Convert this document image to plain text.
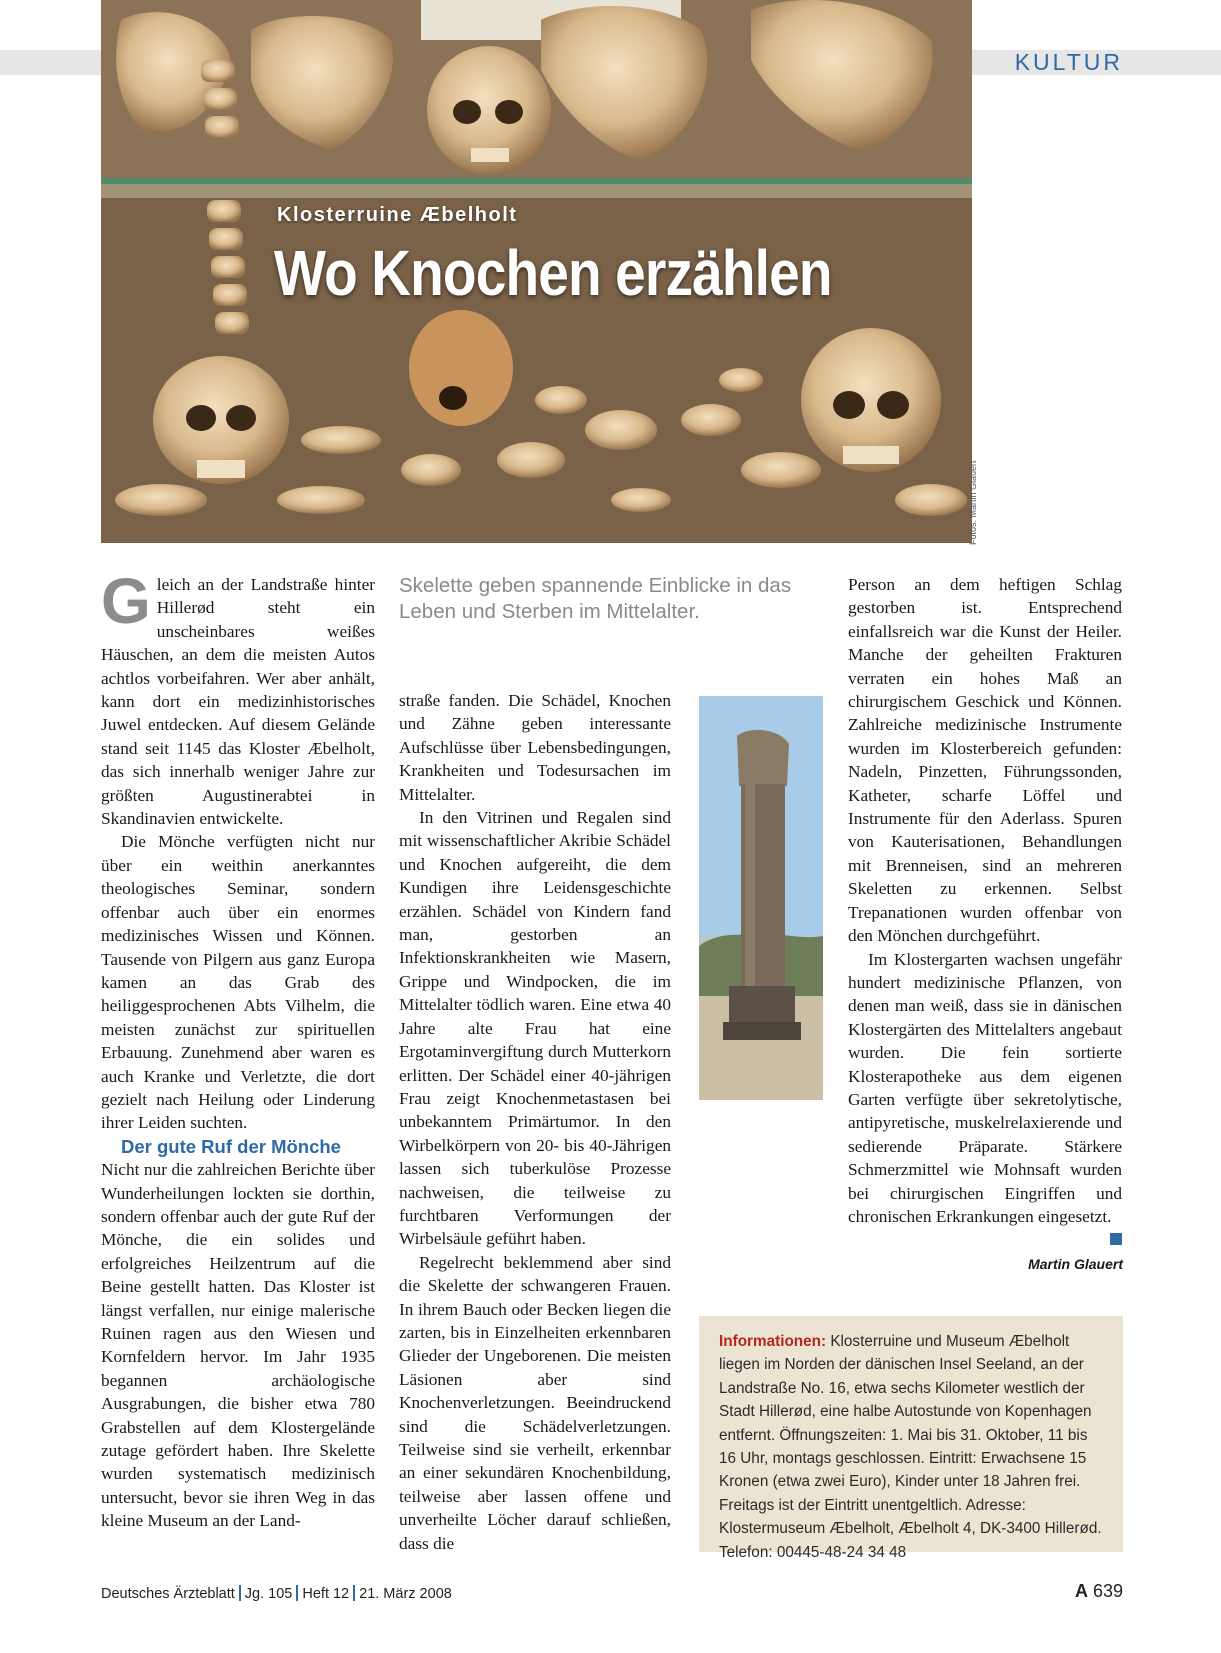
KULTUR
Klosterruine Æbelholt
Wo Knochen erzählen
Fotos: Martin Glauert

Gleich an der Landstraße hinter Hillerød steht ein unscheinbares weißes Häuschen, an dem die meisten Autos achtlos vorbeifahren. Wer aber anhält, kann dort ein medizinhistorisches Juwel entdecken. Auf diesem Gelände stand seit 1145 das Kloster Æbelholt, das sich innerhalb weniger Jahre zur größten Augustinerabtei in Skandinavien entwickelte.

Die Mönche verfügten nicht nur über ein weithin anerkanntes theologisches Seminar, sondern offenbar auch über ein enormes medizinisches Wissen und Können. Tausende von Pilgern aus ganz Europa kamen an das Grab des heiliggesprochenen Abts Vilhelm, die meisten zunächst zur spirituellen Erbauung. Zunehmend aber waren es auch Kranke und Verletzte, die dort gezielt nach Heilung oder Linderung ihrer Leiden suchten.

Der gute Ruf der Mönche

Nicht nur die zahlreichen Berichte über Wunderheilungen lockten sie dorthin, sondern offenbar auch der gute Ruf der Mönche, die ein solides und erfolgreiches Heilzentrum auf die Beine gestellt hatten. Das Kloster ist längst verfallen, nur einige malerische Ruinen ragen aus den Wiesen und Kornfeldern hervor. Im Jahr 1935 begannen archäologische Ausgrabungen, die bisher etwa 780 Grabstellen auf dem Klostergelände zutage gefördert haben. Ihre Skelette wurden systematisch medizinisch untersucht, bevor sie ihren Weg in das kleine Museum an der Land-

Skelette geben spannende Einblicke in das Leben und Sterben im Mittelalter.

straße fanden. Die Schädel, Knochen und Zähne geben interessante Aufschlüsse über Lebensbedingungen, Krankheiten und Todesursachen im Mittelalter.

In den Vitrinen und Regalen sind mit wissenschaftlicher Akribie Schädel und Knochen aufgereiht, die dem Kundigen ihre Leidensgeschichte erzählen. Schädel von Kindern fand man, gestorben an Infektionskrankheiten wie Masern, Grippe und Windpocken, die im Mittelalter tödlich waren. Eine etwa 40 Jahre alte Frau hat eine Ergotaminvergiftung durch Mutterkorn erlitten. Der Schädel einer 40-jährigen Frau zeigt Knochenmetastasen bei unbekanntem Primärtumor. In den Wirbelkörpern von 20- bis 40-Jährigen lassen sich tuberkulöse Prozesse nachweisen, die teilweise zu furchtbaren Verformungen der Wirbelsäule geführt haben.

Regelrecht beklemmend aber sind die Skelette der schwangeren Frauen. In ihrem Bauch oder Becken liegen die zarten, bis in Einzelheiten erkennbaren Glieder der Ungeborenen. Die meisten Läsionen aber sind Knochenverletzungen. Beeindruckend sind die Schädelverletzungen. Teilweise sind sie verheilt, erkennbar an einer sekundären Knochenbildung, teilweise aber lassen offene und unverheilte Löcher darauf schließen, dass die

Person an dem heftigen Schlag gestorben ist. Entsprechend einfallsreich war die Kunst der Heiler. Manche der geheilten Frakturen verraten ein hohes Maß an chirurgischem Geschick und Können. Zahlreiche medizinische Instrumente wurden im Klosterbereich gefunden: Nadeln, Pinzetten, Führungssonden, Katheter, scharfe Löffel und Instrumente für den Aderlass. Spuren von Kauterisationen, Behandlungen mit Brenneisen, sind an mehreren Skeletten zu erkennen. Selbst Trepanationen wurden offenbar von den Mönchen durchgeführt.

Im Klostergarten wachsen ungefähr hundert medizinische Pflanzen, von denen man weiß, dass sie in dänischen Klostergärten des Mittelalters angebaut wurden. Die fein sortierte Klosterapotheke aus dem eigenen Garten verfügte über sekretolytische, antipyretische, muskelrelaxierende und sedierende Präparate. Stärkere Schmerzmittel wie Mohnsaft wurden bei chirurgischen Eingriffen und chronischen Erkrankungen eingesetzt.

Martin Glauert
Informationen: Klosterruine und Museum Æbelholt liegen im Norden der dänischen Insel Seeland, an der Landstraße No. 16, etwa sechs Kilometer westlich der Stadt Hillerød, eine halbe Autostunde von Kopenhagen entfernt. Öffnungszeiten: 1. Mai bis 31. Oktober, 11 bis 16 Uhr, montags geschlossen. Eintritt: Erwachsene 15 Kronen (etwa zwei Euro), Kinder unter 18 Jahren frei. Freitags ist der Eintritt unentgeltlich. Adresse: Klostermuseum Æbelholt, Æbelholt 4, DK-3400 Hillerød. Telefon: 00445-48-24 34 48
Deutsches Ärzteblatt Jg. 105 Heft 12 21. März 2008	A 639
